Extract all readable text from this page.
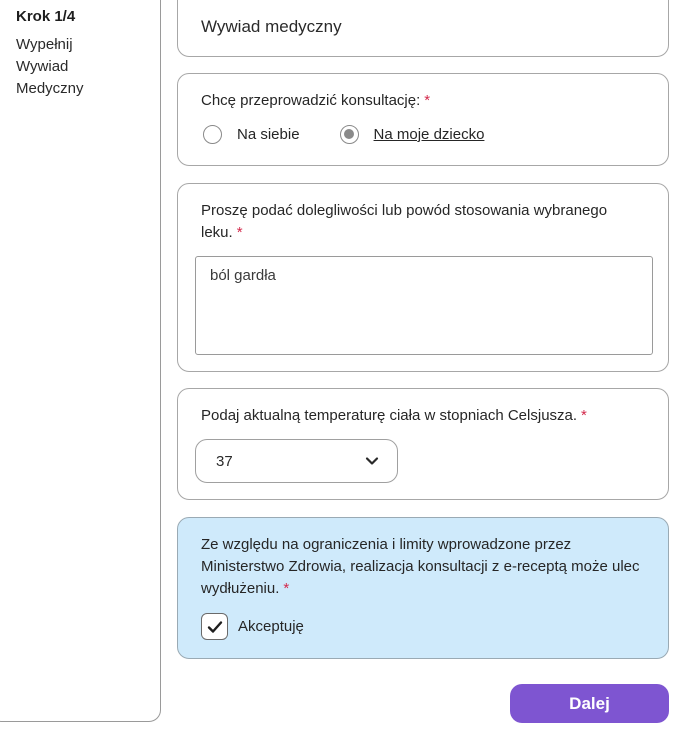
Krok 1/4
Wypełnij Wywiad Medyczny
Wywiad medyczny
Chcę przeprowadzić konsultację: *
Na siebie	Na moje dziecko
Proszę podać dolegliwości lub powód stosowania wybranego leku. *
ból gardła
Podaj aktualną temperaturę ciała w stopniach Celsjusza. *
37
Ze względu na ograniczenia i limity wprowadzone przez Ministerstwo Zdrowia, realizacja konsultacji z e-receptą może ulec wydłużeniu. *
Akceptuję
Dalej
